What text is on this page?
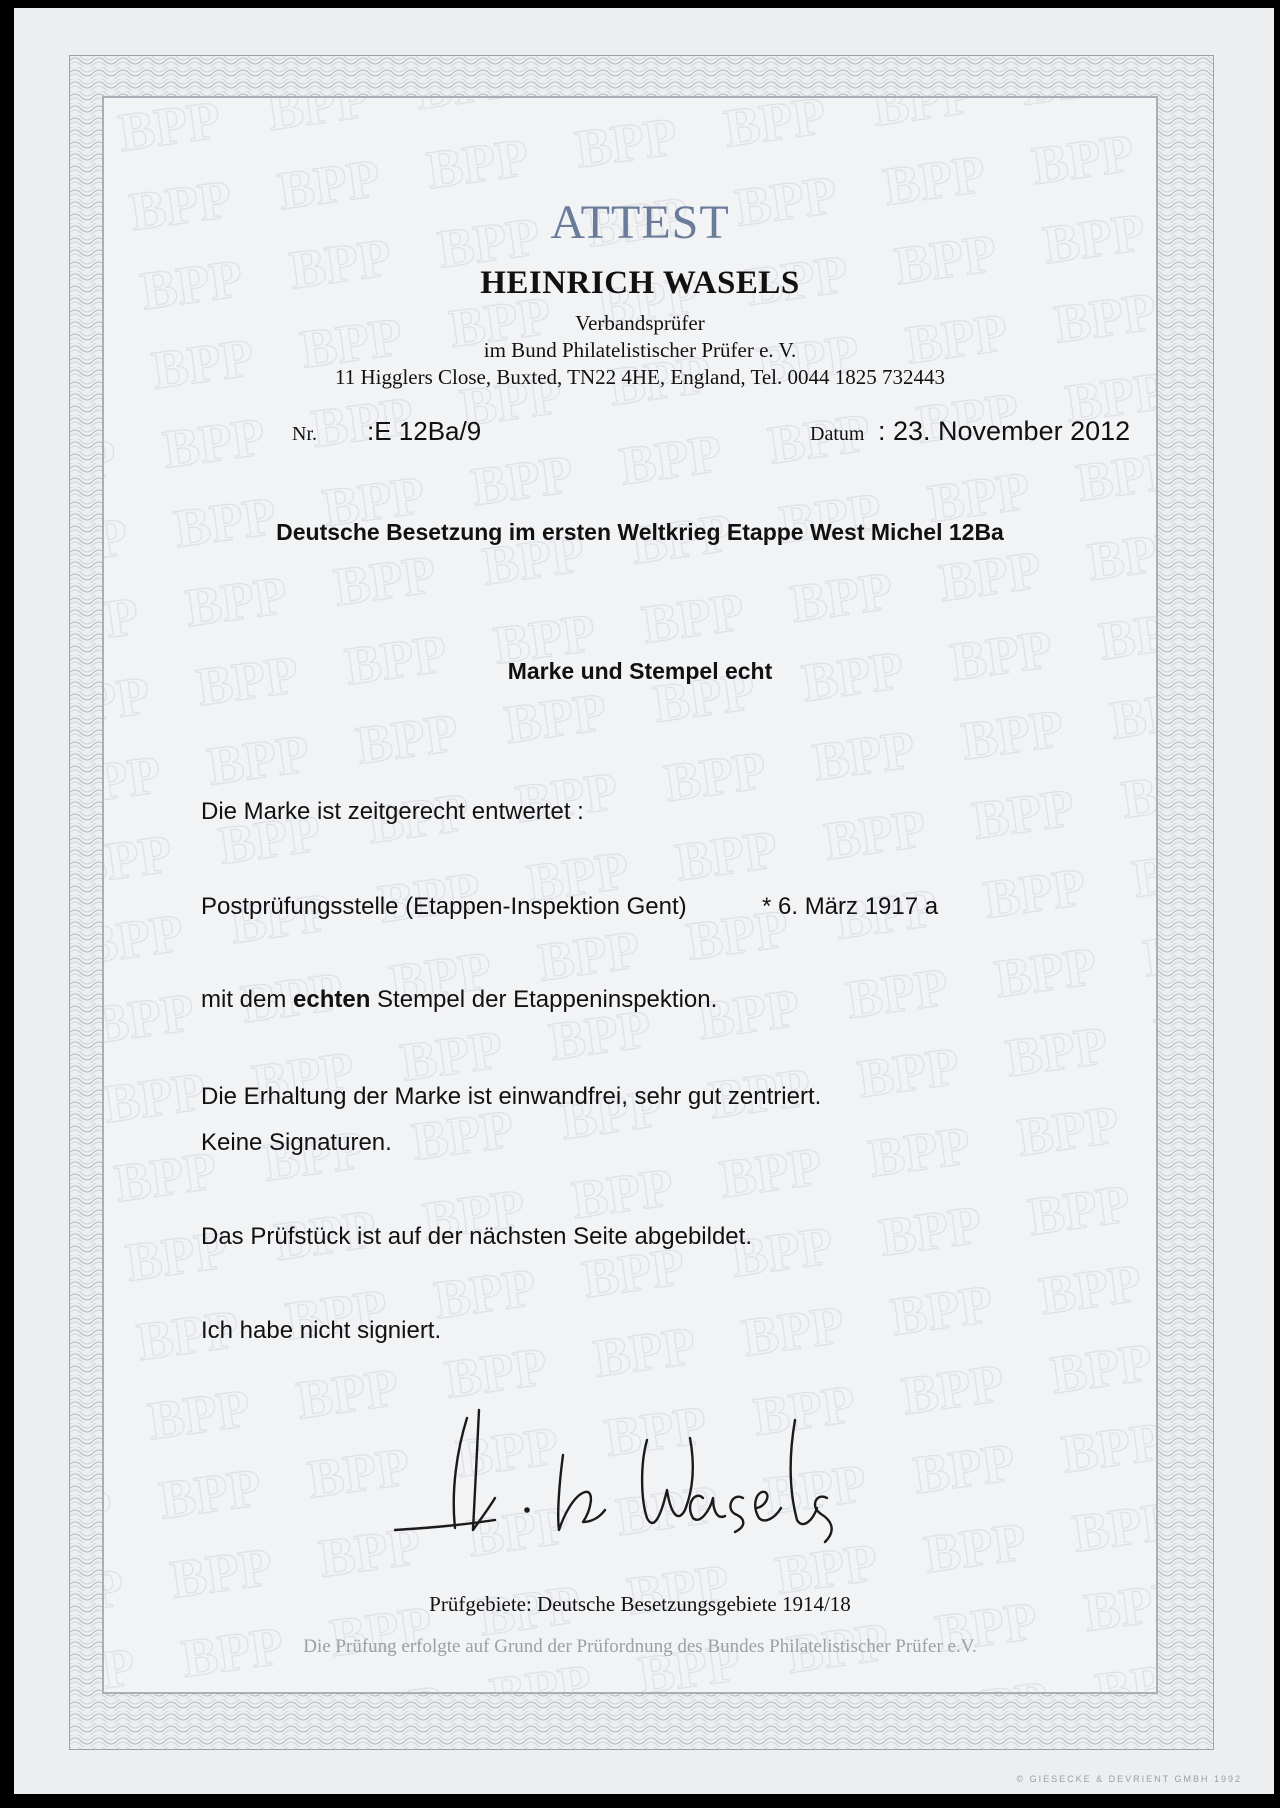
ATTEST
HEINRICH WASELS
Verbandsprüfer
im Bund Philatelistischer Prüfer e. V.
11 Higglers Close, Buxted, TN22 4HE, England, Tel. 0044 1825 732443
Nr. :E 12Ba/9	Datum : 23. November 2012
Deutsche Besetzung im ersten Weltkrieg Etappe West Michel 12Ba
Marke und Stempel echt
Die Marke ist zeitgerecht entwertet :
Postprüfungsstelle (Etappen-Inspektion Gent)	* 6. März 1917 a
mit dem echten Stempel der Etappeninspektion.
Die Erhaltung der Marke ist einwandfrei, sehr gut zentriert.
Keine Signaturen.
Das Prüfstück ist auf der nächsten Seite abgebildet.
Ich habe nicht signiert.
Prüfgebiete: Deutsche Besetzungsgebiete 1914/18
Die Prüfung erfolgte auf Grund der Prüfordnung des Bundes Philatelistischer Prüfer e.V.
© GIESECKE & DEVRIENT GMBH 1992
